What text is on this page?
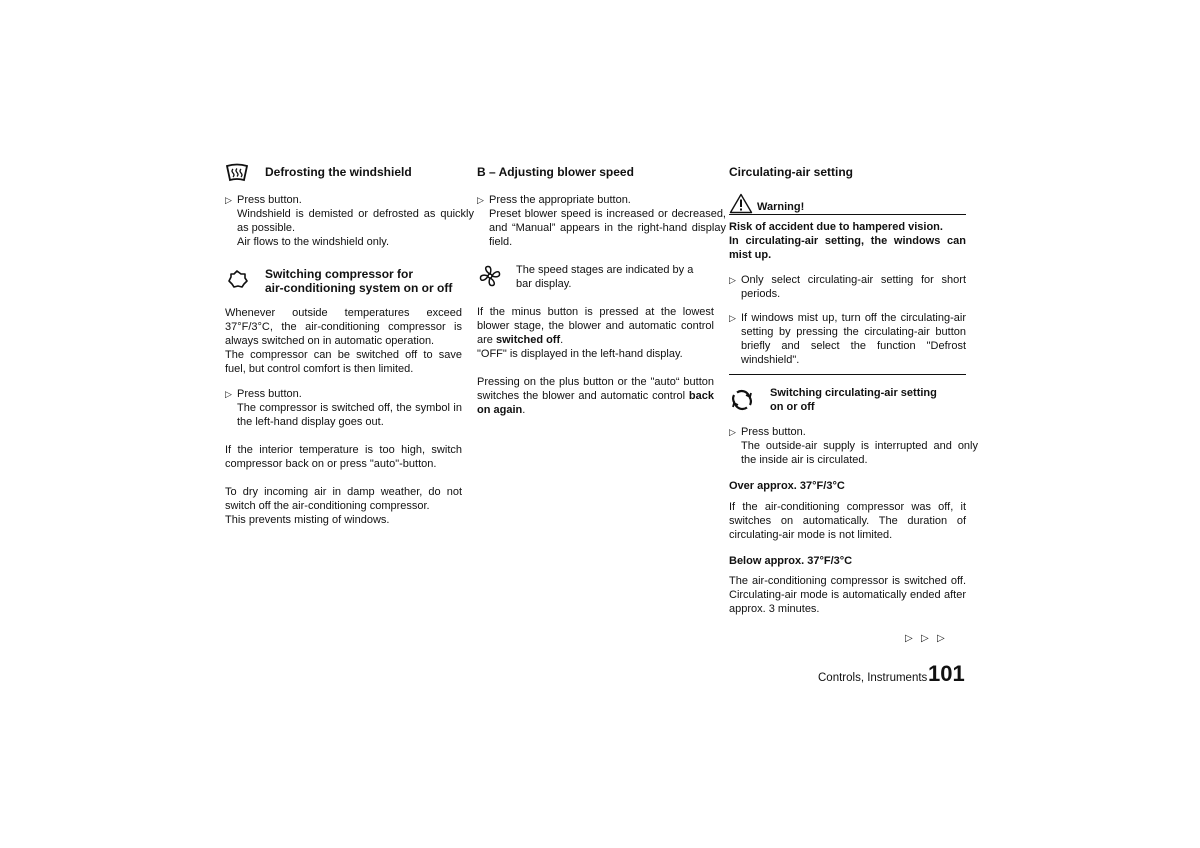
Defrosting the windshield
▷ Press button.
Windshield is demisted or defrosted as quickly as possible.
Air flows to the windshield only.
Switching compressor for
air-conditioning system on or off
Whenever outside temperatures exceed 37°F/3°C, the air-conditioning compressor is always switched on in automatic operation.
The compressor can be switched off to save fuel, but control comfort is then limited.
▷ Press button.
The compressor is switched off, the symbol in the left-hand display goes out.
If the interior temperature is too high, switch compressor back on or press "auto"-button.
To dry incoming air in damp weather, do not switch off the air-conditioning compressor.
This prevents misting of windows.
B – Adjusting blower speed
▷ Press the appropriate button.
Preset blower speed is increased or decreased, and “Manual” appears in the right-hand display field.
The speed stages are indicated by a bar display.
If the minus button is pressed at the lowest blower stage, the blower and automatic control are switched off.
"OFF" is displayed in the left-hand display.
Pressing on the plus button or the "auto“ button switches the blower and automatic control back on again.
Circulating-air setting
Warning!
Risk of accident due to hampered vision.
In circulating-air setting, the windows can mist up.
▷ Only select circulating-air setting for short periods.
▷ If windows mist up, turn off the circulating-air setting by pressing the circulating-air button briefly and select the function "Defrost windshield".
Switching circulating-air setting
on or off
▷ Press button.
The outside-air supply is interrupted and only the inside air is circulated.
Over approx. 37°F/3°C
If the air-conditioning compressor was off, it switches on automatically. The duration of circulating-air mode is not limited.
Below approx. 37°F/3°C
The air-conditioning compressor is switched off. Circulating-air mode is automatically ended after approx. 3 minutes.
▷   ▷   ▷
Controls, Instruments 101
